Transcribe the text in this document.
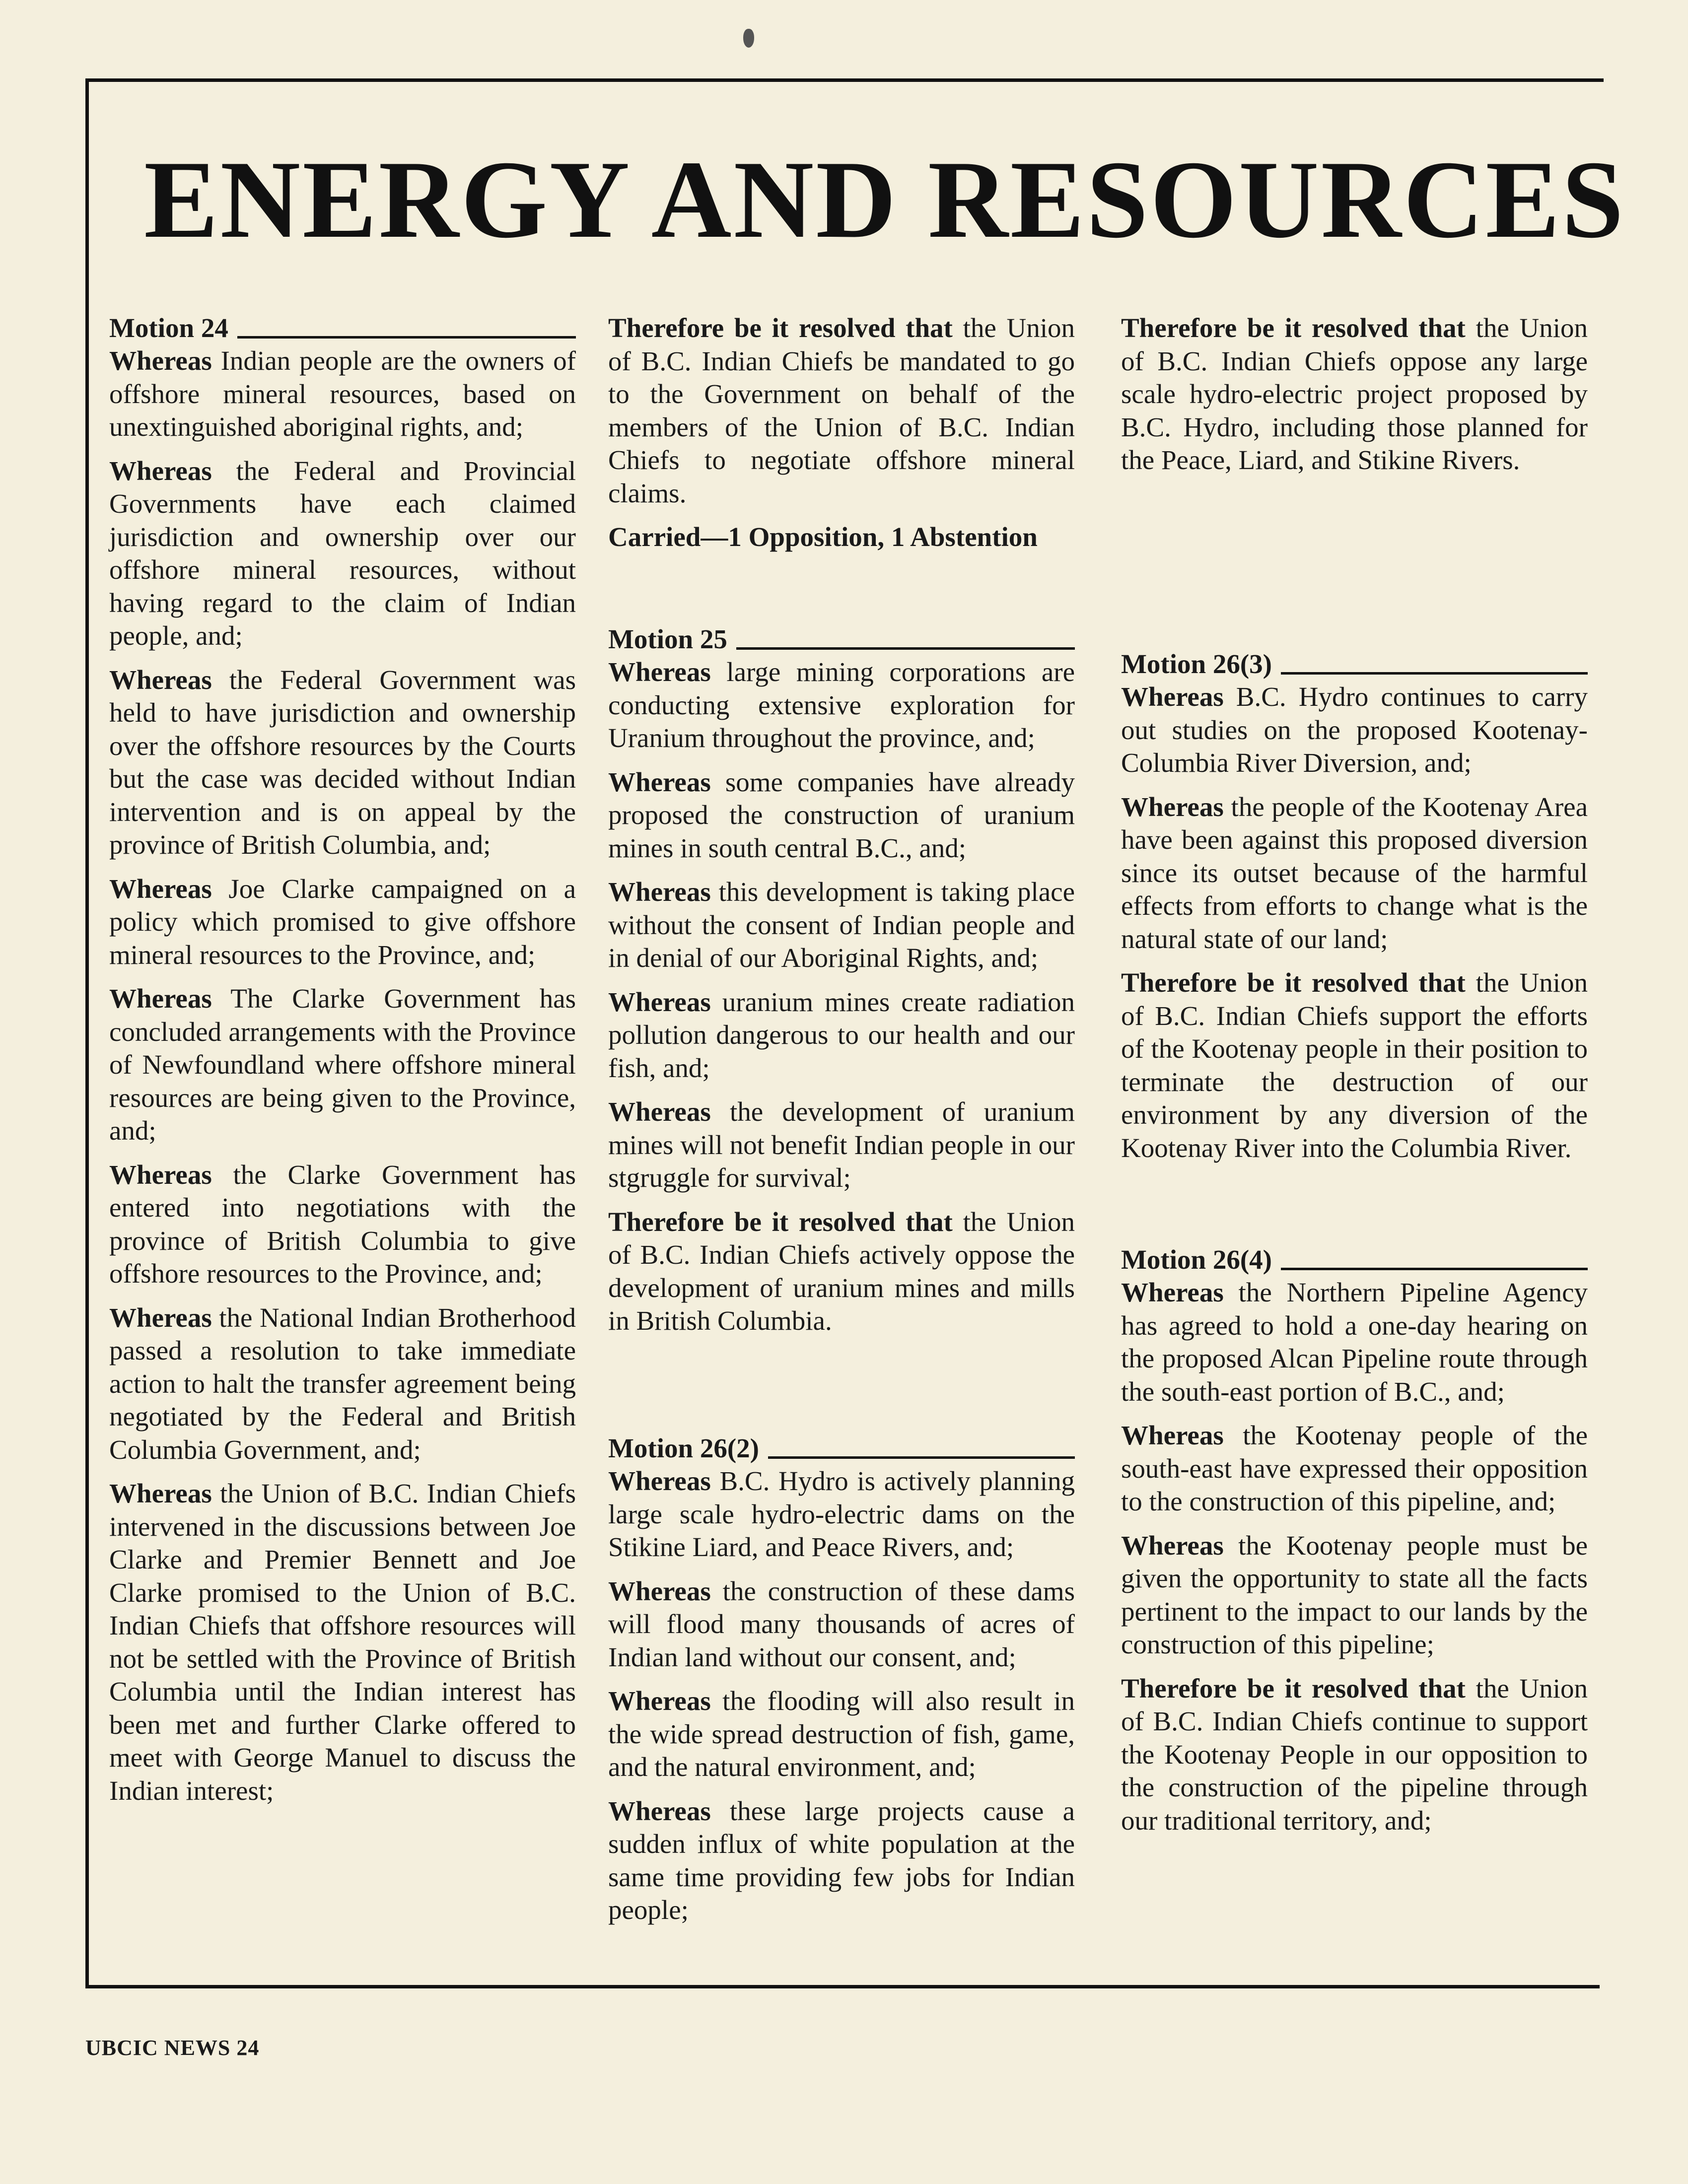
ENERGY AND RESOURCES
Motion 24

Whereas Indian people are the owners of offshore mineral resources, based on unextinguished aboriginal rights, and;

Whereas the Federal and Provincial Governments have each claimed jurisdiction and ownership over our offshore mineral resources, without having regard to the claim of Indian people, and;

Whereas the Federal Government was held to have jurisdiction and ownership over the offshore resources by the Courts but the case was decided without Indian intervention and is on appeal by the province of British Columbia, and;

Whereas Joe Clarke campaigned on a policy which promised to give offshore mineral resources to the Province, and;

Whereas The Clarke Government has concluded arrangements with the Province of Newfoundland where offshore mineral resources are being given to the Province, and;

Whereas the Clarke Government has entered into negotiations with the province of British Columbia to give offshore resources to the Province, and;

Whereas the National Indian Brotherhood passed a resolution to take immediate action to halt the transfer agreement being negotiated by the Federal and British Columbia Government, and;

Whereas the Union of B.C. Indian Chiefs intervened in the discussions between Joe Clarke and Premier Bennett and Joe Clarke promised to the Union of B.C. Indian Chiefs that offshore resources will not be settled with the Province of British Columbia until the Indian interest has been met and further Clarke offered to meet with George Manuel to discuss the Indian interest;

Therefore be it resolved that the Union of B.C. Indian Chiefs be mandated to go to the Government on behalf of the members of the Union of B.C. Indian Chiefs to negotiate offshore mineral claims.

Carried—1 Opposition, 1 Abstention
Motion 25

Whereas large mining corporations are conducting extensive exploration for Uranium throughout the province, and;

Whereas some companies have already proposed the construction of uranium mines in south central B.C., and;

Whereas this development is taking place without the consent of Indian people and in denial of our Aboriginal Rights, and;

Whereas uranium mines create radiation pollution dangerous to our health and our fish, and;

Whereas the development of uranium mines will not benefit Indian people in our stgruggle for survival;

Therefore be it resolved that the Union of B.C. Indian Chiefs actively oppose the development of uranium mines and mills in British Columbia.

Motion 26(2)

Whereas B.C. Hydro is actively planning large scale hydro-electric dams on the Stikine Liard, and Peace Rivers, and;

Whereas the construction of these dams will flood many thousands of acres of Indian land without our consent, and;

Whereas the flooding will also result in the wide spread destruction of fish, game, and the natural environment, and;

Whereas these large projects cause a sudden influx of white population at the same time providing few jobs for Indian people;

Therefore be it resolved that the Union of B.C. Indian Chiefs oppose any large scale hydro-electric project proposed by B.C. Hydro, including those planned for the Peace, Liard, and Stikine Rivers.

Motion 26(3)

Whereas B.C. Hydro continues to carry out studies on the proposed Kootenay-Columbia River Diversion, and;

Whereas the people of the Kootenay Area have been against this proposed diversion since its outset because of the harmful effects from efforts to change what is the natural state of our land;

Therefore be it resolved that the Union of B.C. Indian Chiefs support the efforts of the Kootenay people in their position to terminate the destruction of our environment by any diversion of the Kootenay River into the Columbia River.

Motion 26(4)

Whereas the Northern Pipeline Agency has agreed to hold a one-day hearing on the proposed Alcan Pipeline route through the south-east portion of B.C., and;

Whereas the Kootenay people of the south-east have expressed their opposition to the construction of this pipeline, and;

Whereas the Kootenay people must be given the opportunity to state all the facts pertinent to the impact to our lands by the construction of this pipeline;

Therefore be it resolved that the Union of B.C. Indian Chiefs continue to support the Kootenay People in our opposition to the construction of the pipeline through our traditional territory, and;

UBCIC NEWS 24
